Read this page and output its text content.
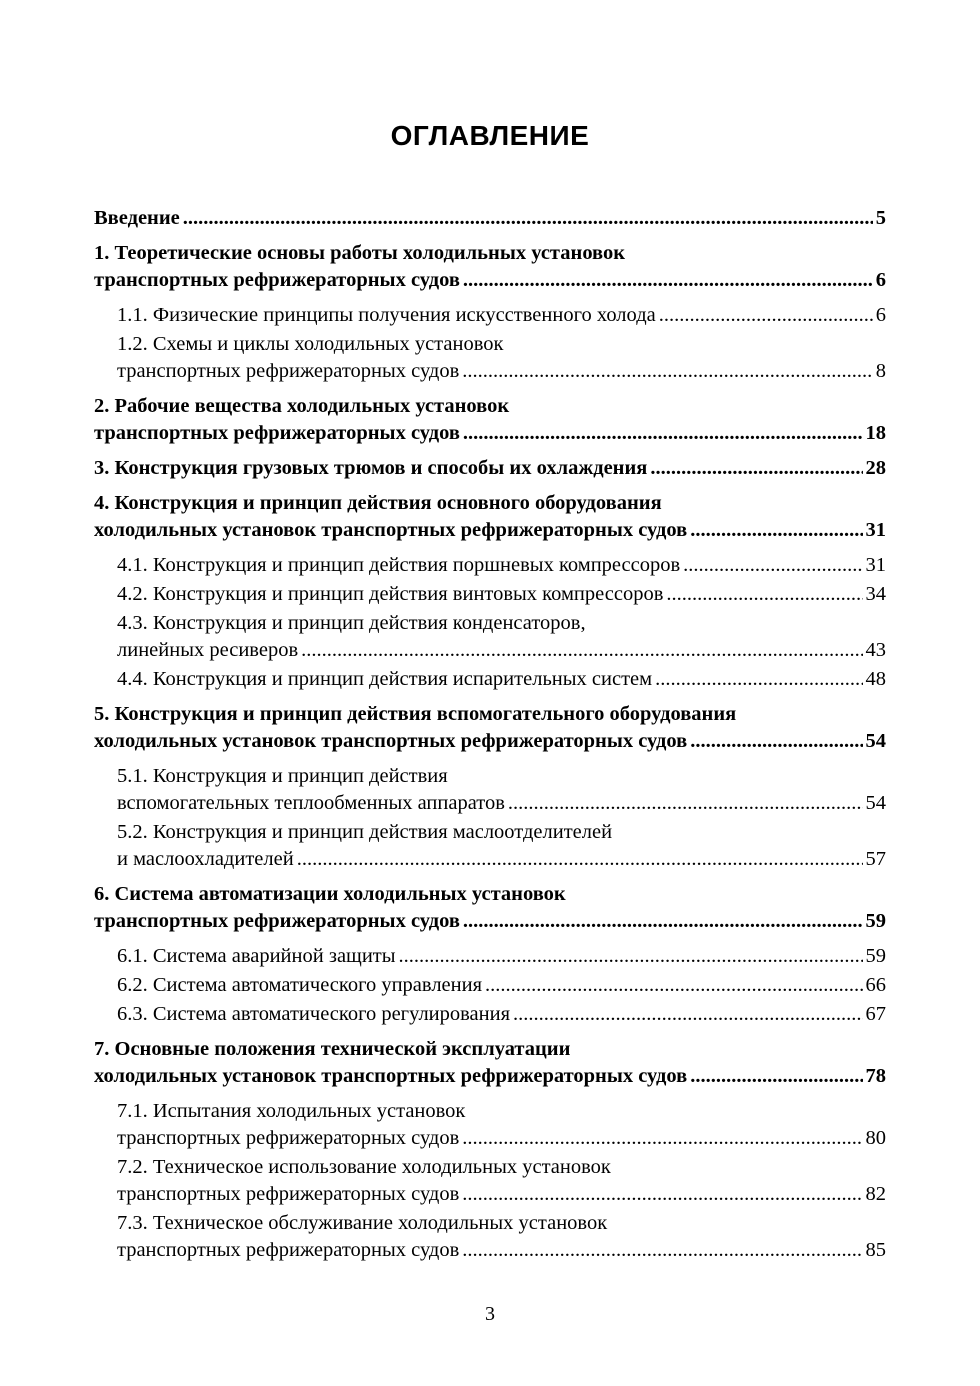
ОГЛАВЛЕНИЕ
Введение .....	5
1. Теоретические основы работы холодильных установок
транспортных рефрижераторных судов .....	6
1.1. Физические принципы получения искусственного холода .....	6
1.2. Схемы и циклы холодильных установок
транспортных рефрижераторных судов .....	8
2. Рабочие вещества холодильных установок
транспортных рефрижераторных судов .....	18
3. Конструкция грузовых трюмов и способы их охлаждения .....	28
4. Конструкция и принцип действия основного оборудования
холодильных установок транспортных рефрижераторных судов .....	31
4.1. Конструкция и принцип действия поршневых компрессоров .....	31
4.2. Конструкция и принцип действия винтовых компрессоров .....	34
4.3. Конструкция и принцип действия конденсаторов,
линейных ресиверов .....	43
4.4. Конструкция и принцип действия испарительных систем .....	48
5. Конструкция и принцип действия вспомогательного оборудования
холодильных установок транспортных рефрижераторных судов .....	54
5.1. Конструкция и принцип действия
вспомогательных теплообменных аппаратов .....	54
5.2. Конструкция и принцип действия маслоотделителей
и маслоохладителей .....	57
6. Система автоматизации холодильных установок
транспортных рефрижераторных судов .....	59
6.1. Система аварийной защиты .....	59
6.2. Система автоматического управления .....	66
6.3. Система автоматического регулирования .....	67
7. Основные положения технической эксплуатации
холодильных установок транспортных рефрижераторных судов .....	78
7.1. Испытания холодильных установок
транспортных рефрижераторных судов .....	80
7.2. Техническое использование холодильных установок
транспортных рефрижераторных судов .....	82
7.3. Техническое обслуживание холодильных установок
транспортных рефрижераторных судов .....	85
3
